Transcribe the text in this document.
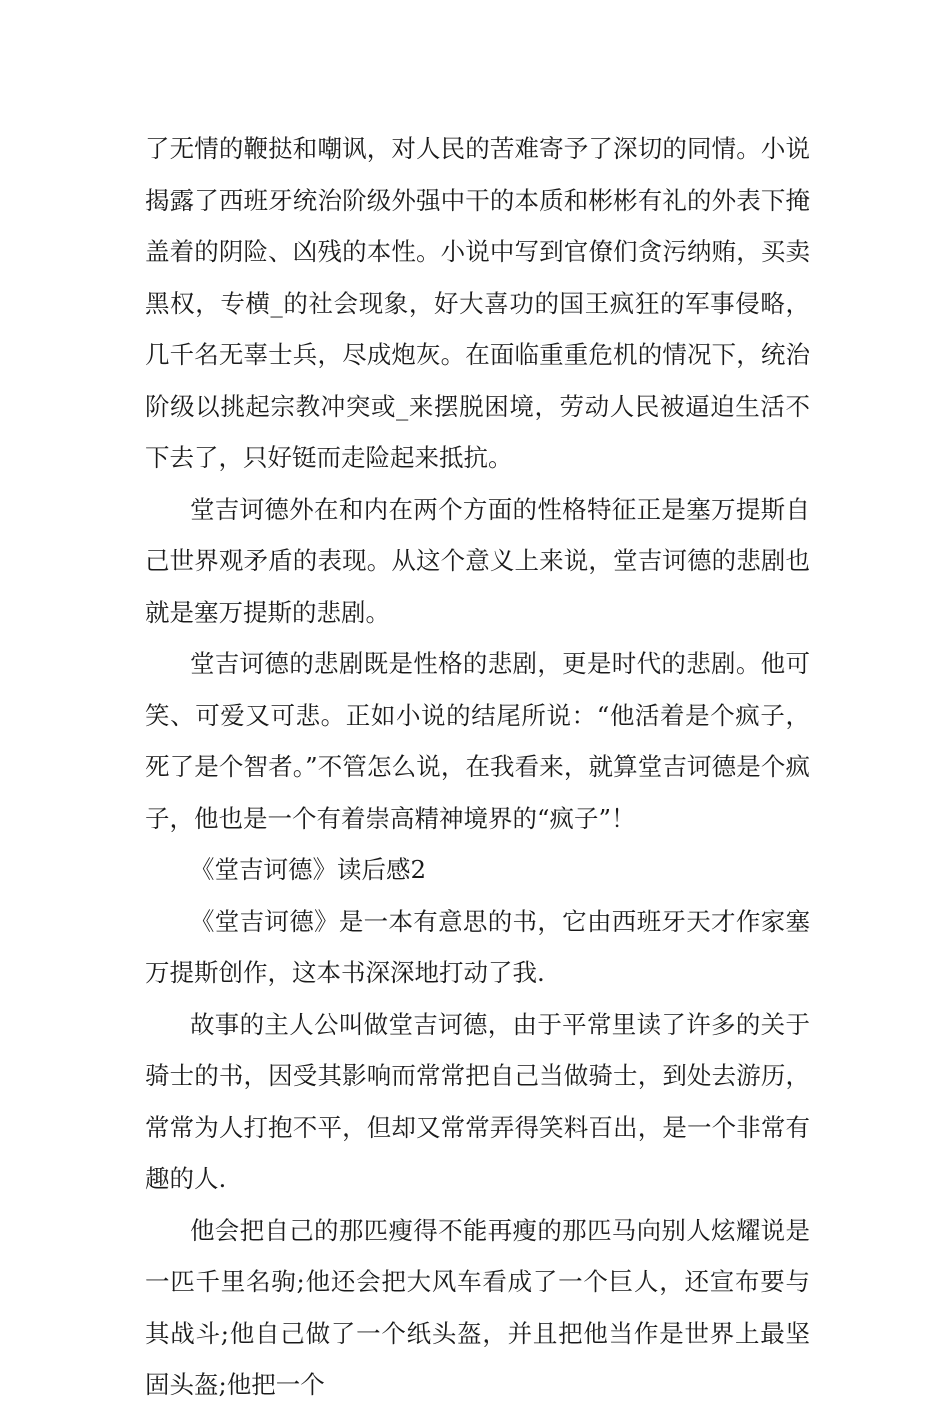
了无情的鞭挞和嘲讽，对人民的苦难寄予了深切的同情。小说揭露了西班牙统治阶级外强中干的本质和彬彬有礼的外表下掩盖着的阴险、凶残的本性。小说中写到官僚们贪污纳贿，买卖黑权，专横_的社会现象，好大喜功的国王疯狂的军事侵略，几千名无辜士兵，尽成炮灰。在面临重重危机的情况下，统治阶级以挑起宗教冲突或_来摆脱困境，劳动人民被逼迫生活不下去了，只好铤而走险起来抵抗。

堂吉诃德外在和内在两个方面的性格特征正是塞万提斯自己世界观矛盾的表现。从这个意义上来说，堂吉诃德的悲剧也就是塞万提斯的悲剧。

堂吉诃德的悲剧既是性格的悲剧，更是时代的悲剧。他可笑、可爱又可悲。正如小说的结尾所说：“他活着是个疯子，死了是个智者。”不管怎么说，在我看来，就算堂吉诃德是个疯子，他也是一个有着崇高精神境界的“疯子”！

《堂吉诃德》读后感2

《堂吉诃德》是一本有意思的书，它由西班牙天才作家塞万提斯创作，这本书深深地打动了我.

故事的主人公叫做堂吉诃德，由于平常里读了许多的关于骑士的书，因受其影响而常常把自己当做骑士，到处去游历，常常为人打抱不平，但却又常常弄得笑料百出，是一个非常有趣的人.

他会把自己的那匹瘦得不能再瘦的那匹马向别人炫耀说是一匹千里名驹;他还会把大风车看成了一个巨人，还宣布要与其战斗;他自己做了一个纸头盔，并且把他当作是世界上最坚固头盔;他把一个
